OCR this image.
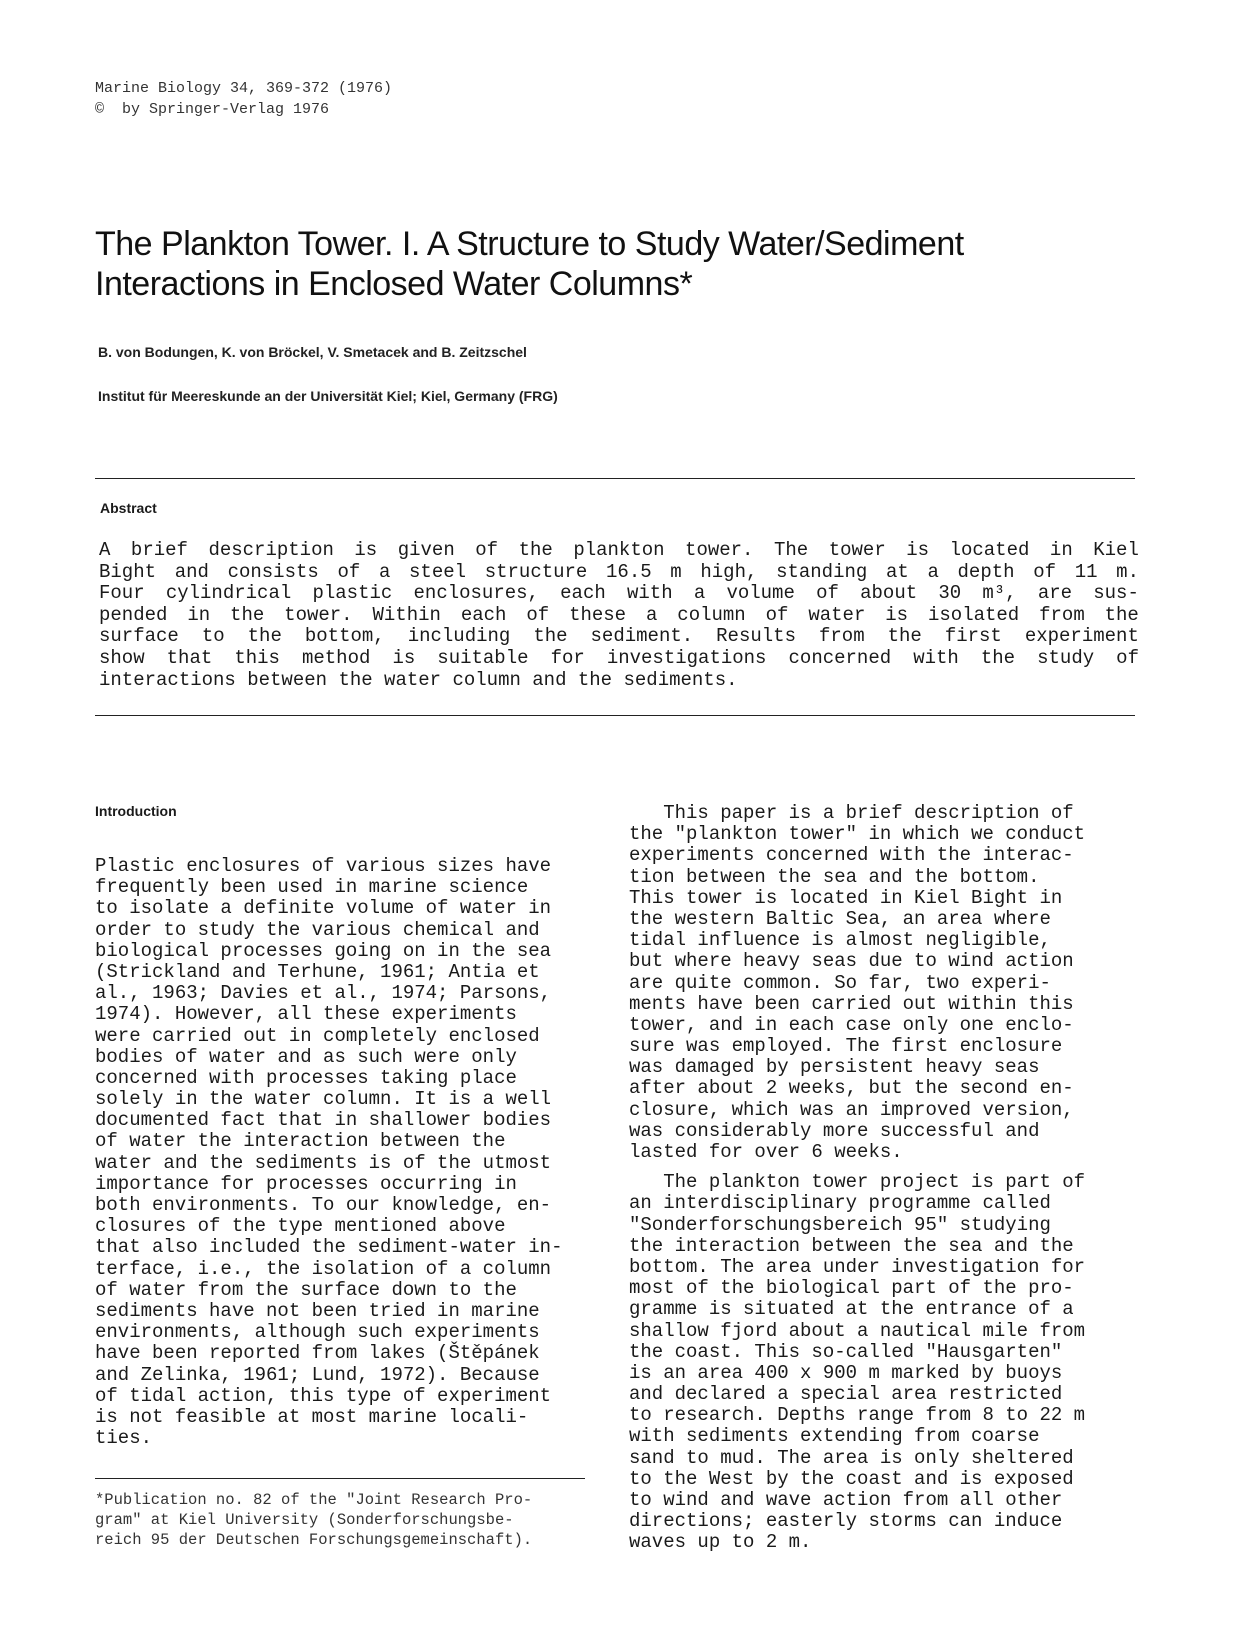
Marine Biology 34, 369-372 (1976)
©  by Springer-Verlag 1976
The Plankton Tower. I. A Structure to Study Water/Sediment
Interactions in Enclosed Water Columns*
B. von Bodungen, K. von Bröckel, V. Smetacek and B. Zeitzschel
Institut für Meereskunde an der Universität Kiel; Kiel, Germany (FRG)
Abstract
A brief description is given of the plankton tower. The tower is located in Kiel
Bight and consists of a steel structure 16.5 m high, standing at a depth of 11 m.
Four cylindrical plastic enclosures, each with a volume of about 30 m³, are sus-
pended in the tower. Within each of these a column of water is isolated from the
surface to the bottom, including the sediment. Results from the first experiment
show that this method is suitable for investigations concerned with the study of
interactions between the water column and the sediments.
Introduction
Plastic enclosures of various sizes have
frequently been used in marine science
to isolate a definite volume of water in
order to study the various chemical and
biological processes going on in the sea
(Strickland and Terhune, 1961; Antia et
al., 1963; Davies et al., 1974; Parsons,
1974). However, all these experiments
were carried out in completely enclosed
bodies of water and as such were only
concerned with processes taking place
solely in the water column. It is a well
documented fact that in shallower bodies
of water the interaction between the
water and the sediments is of the utmost
importance for processes occurring in
both environments. To our knowledge, en-
closures of the type mentioned above
that also included the sediment-water in-
terface, i.e., the isolation of a column
of water from the surface down to the
sediments have not been tried in marine
environments, although such experiments
have been reported from lakes (Štěpánek
and Zelinka, 1961; Lund, 1972). Because
of tidal action, this type of experiment
is not feasible at most marine locali-
ties.
This paper is a brief description of
the "plankton tower" in which we conduct
experiments concerned with the interac-
tion between the sea and the bottom.
This tower is located in Kiel Bight in
the western Baltic Sea, an area where
tidal influence is almost negligible,
but where heavy seas due to wind action
are quite common. So far, two experi-
ments have been carried out within this
tower, and in each case only one enclo-
sure was employed. The first enclosure
was damaged by persistent heavy seas
after about 2 weeks, but the second en-
closure, which was an improved version,
was considerably more successful and
lasted for over 6 weeks.
The plankton tower project is part of
an interdisciplinary programme called
"Sonderforschungsbereich 95" studying
the interaction between the sea and the
bottom. The area under investigation for
most of the biological part of the pro-
gramme is situated at the entrance of a
shallow fjord about a nautical mile from
the coast. This so-called "Hausgarten"
is an area 400 x 900 m marked by buoys
and declared a special area restricted
to research. Depths range from 8 to 22 m
with sediments extending from coarse
sand to mud. The area is only sheltered
to the West by the coast and is exposed
to wind and wave action from all other
directions; easterly storms can induce
waves up to 2 m.
*Publication no. 82 of the "Joint Research Pro-
gram" at Kiel University (Sonderforschungsbe-
reich 95 der Deutschen Forschungsgemeinschaft).
